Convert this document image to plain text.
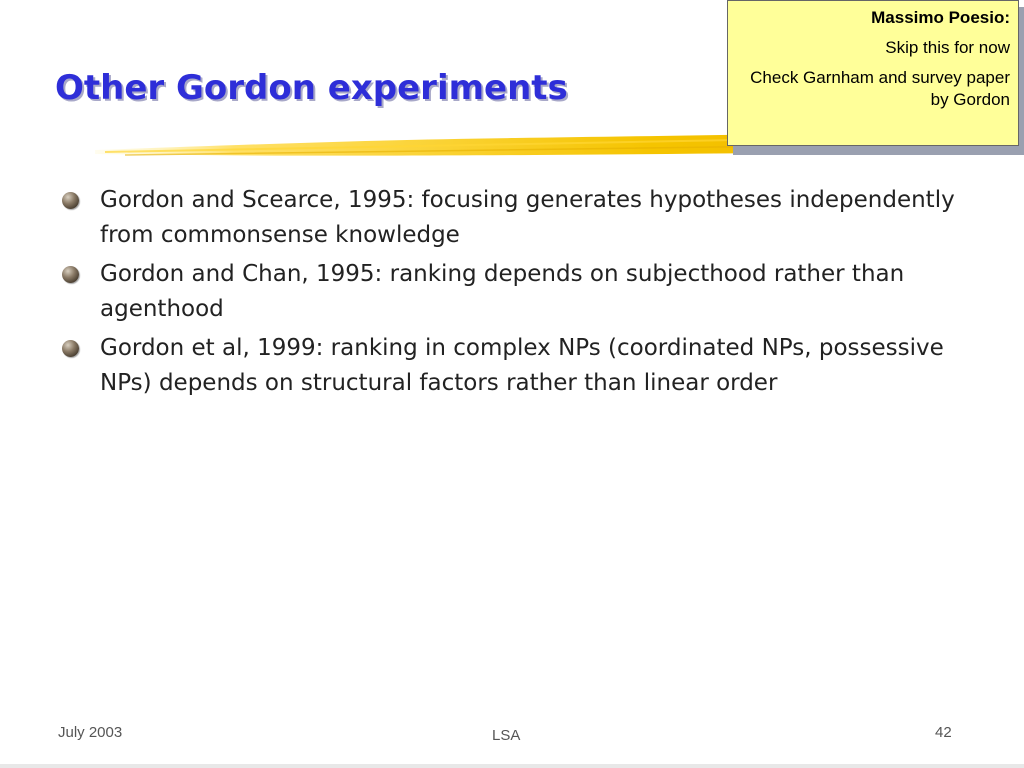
Other Gordon experiments
Gordon and Scearce, 1995: focusing generates hypotheses independently from commonsense knowledge
Gordon and Chan, 1995: ranking depends on subjecthood rather than agenthood
Gordon et al, 1999: ranking in complex NPs (coordinated NPs, possessive NPs) depends on structural factors rather than linear order

Massimo Poesio:

Skip this for now

Check Garnham and survey paper by Gordon

July 2003	LSA	42
